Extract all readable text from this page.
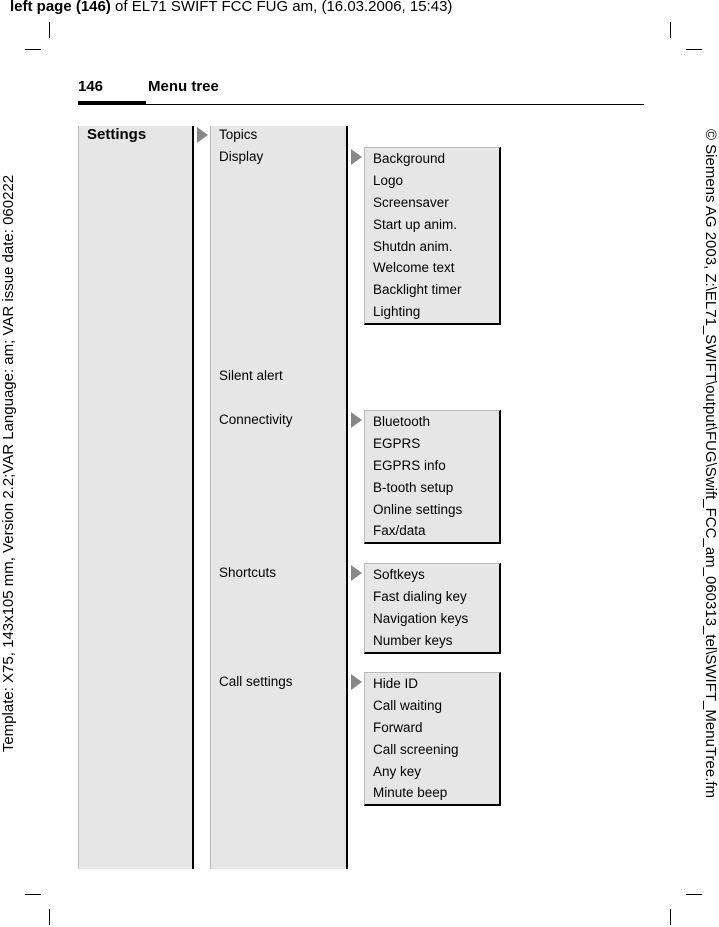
left page (146) of EL71 SWIFT FCC FUG am, (16.03.2006, 15:43)
Template: X75, 143x105 mm, Version 2.2;VAR Language: am; VAR issue date: 060222	© Siemens AG 2003, Z:\EL71_SWIFT\output\FUG\Swift_FCC_am_060313_tel\SWIFT_MenuTree.fm
146	Menu tree
Settings	Topics
Display
Silent alert
Connectivity
Shortcuts
Call settings
Background
Logo
Screensaver
Start up anim.
Shutdn anim.
Welcome text
Backlight timer
Lighting
Bluetooth
EGPRS
EGPRS info
B-tooth setup
Online settings
Fax/data
Softkeys
Fast dialing key
Navigation keys
Number keys
Hide ID
Call waiting
Forward
Call screening
Any key
Minute beep
